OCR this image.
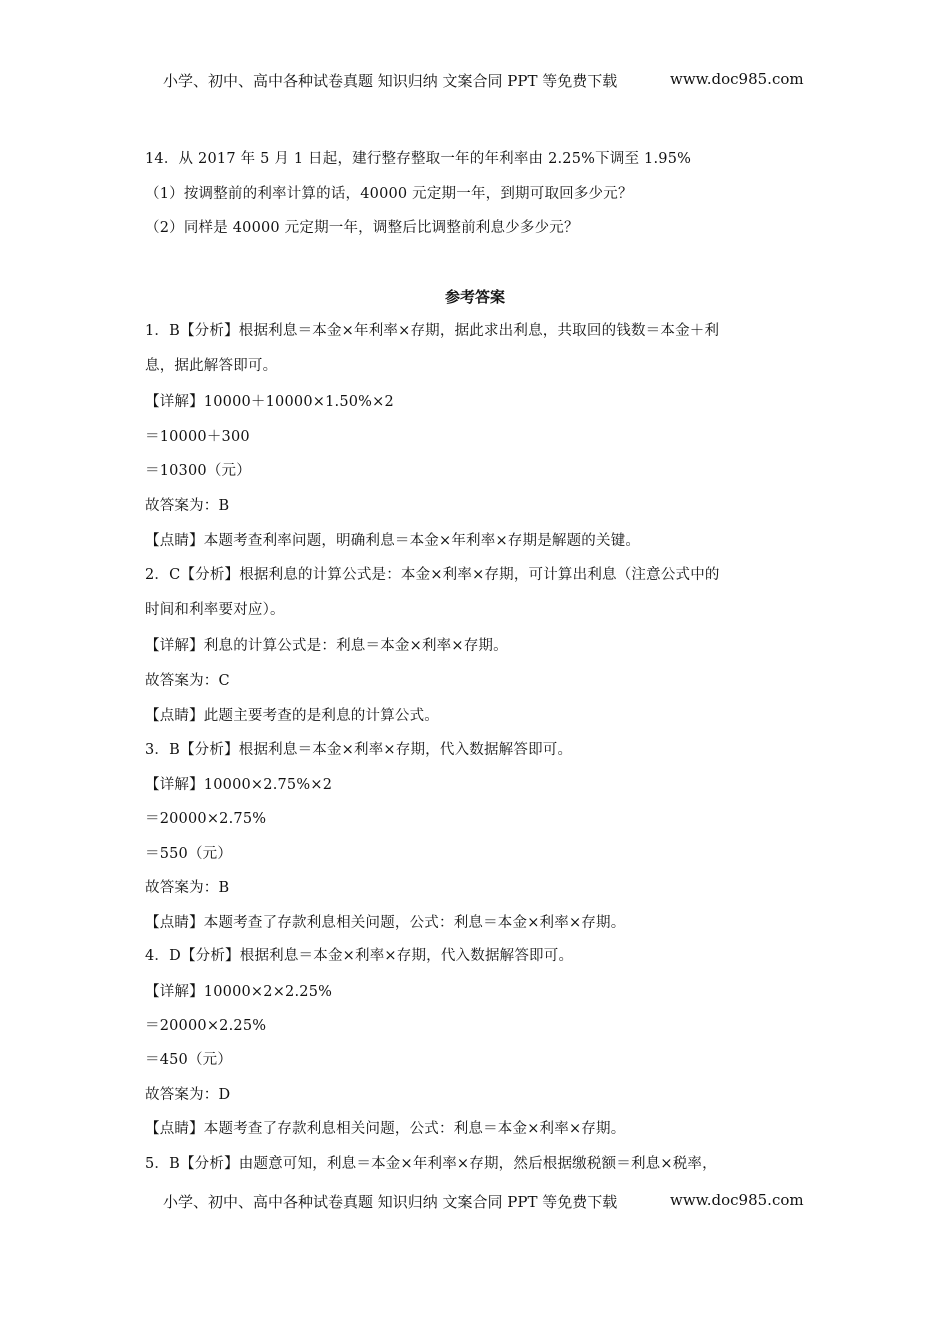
小学、初中、高中各种试卷真题 知识归纳 文案合同 PPT 等免费下载	www.doc985.com
14．从 2017 年 5 月 1 日起，建行整存整取一年的年利率由 2.25%下调至 1.95%
（1）按调整前的利率计算的话，40000 元定期一年，到期可取回多少元？
（2）同样是 40000 元定期一年，调整后比调整前利息少多少元？
参考答案
1．B【分析】根据利息＝本金×年利率×存期，据此求出利息，共取回的钱数＝本金＋利
息，据此解答即可。
【详解】10000＋10000×1.50%×2
＝10000＋300
＝10300（元）
故答案为：B
【点睛】本题考查利率问题，明确利息＝本金×年利率×存期是解题的关键。
2．C【分析】根据利息的计算公式是：本金×利率×存期，可计算出利息（注意公式中的
时间和利率要对应）。
【详解】利息的计算公式是：利息＝本金×利率×存期。
故答案为：C
【点睛】此题主要考查的是利息的计算公式。
3．B【分析】根据利息＝本金×利率×存期，代入数据解答即可。
【详解】10000×2.75%×2
＝20000×2.75%
＝550（元）
故答案为：B
【点睛】本题考查了存款利息相关问题，公式：利息＝本金×利率×存期。
4．D【分析】根据利息＝本金×利率×存期，代入数据解答即可。
【详解】10000×2×2.25%
＝20000×2.25%
＝450（元）
故答案为：D
【点睛】本题考查了存款利息相关问题，公式：利息＝本金×利率×存期。
5．B【分析】由题意可知，利息＝本金×年利率×存期，然后根据缴税额＝利息×税率，
小学、初中、高中各种试卷真题 知识归纳 文案合同 PPT 等免费下载	www.doc985.com
